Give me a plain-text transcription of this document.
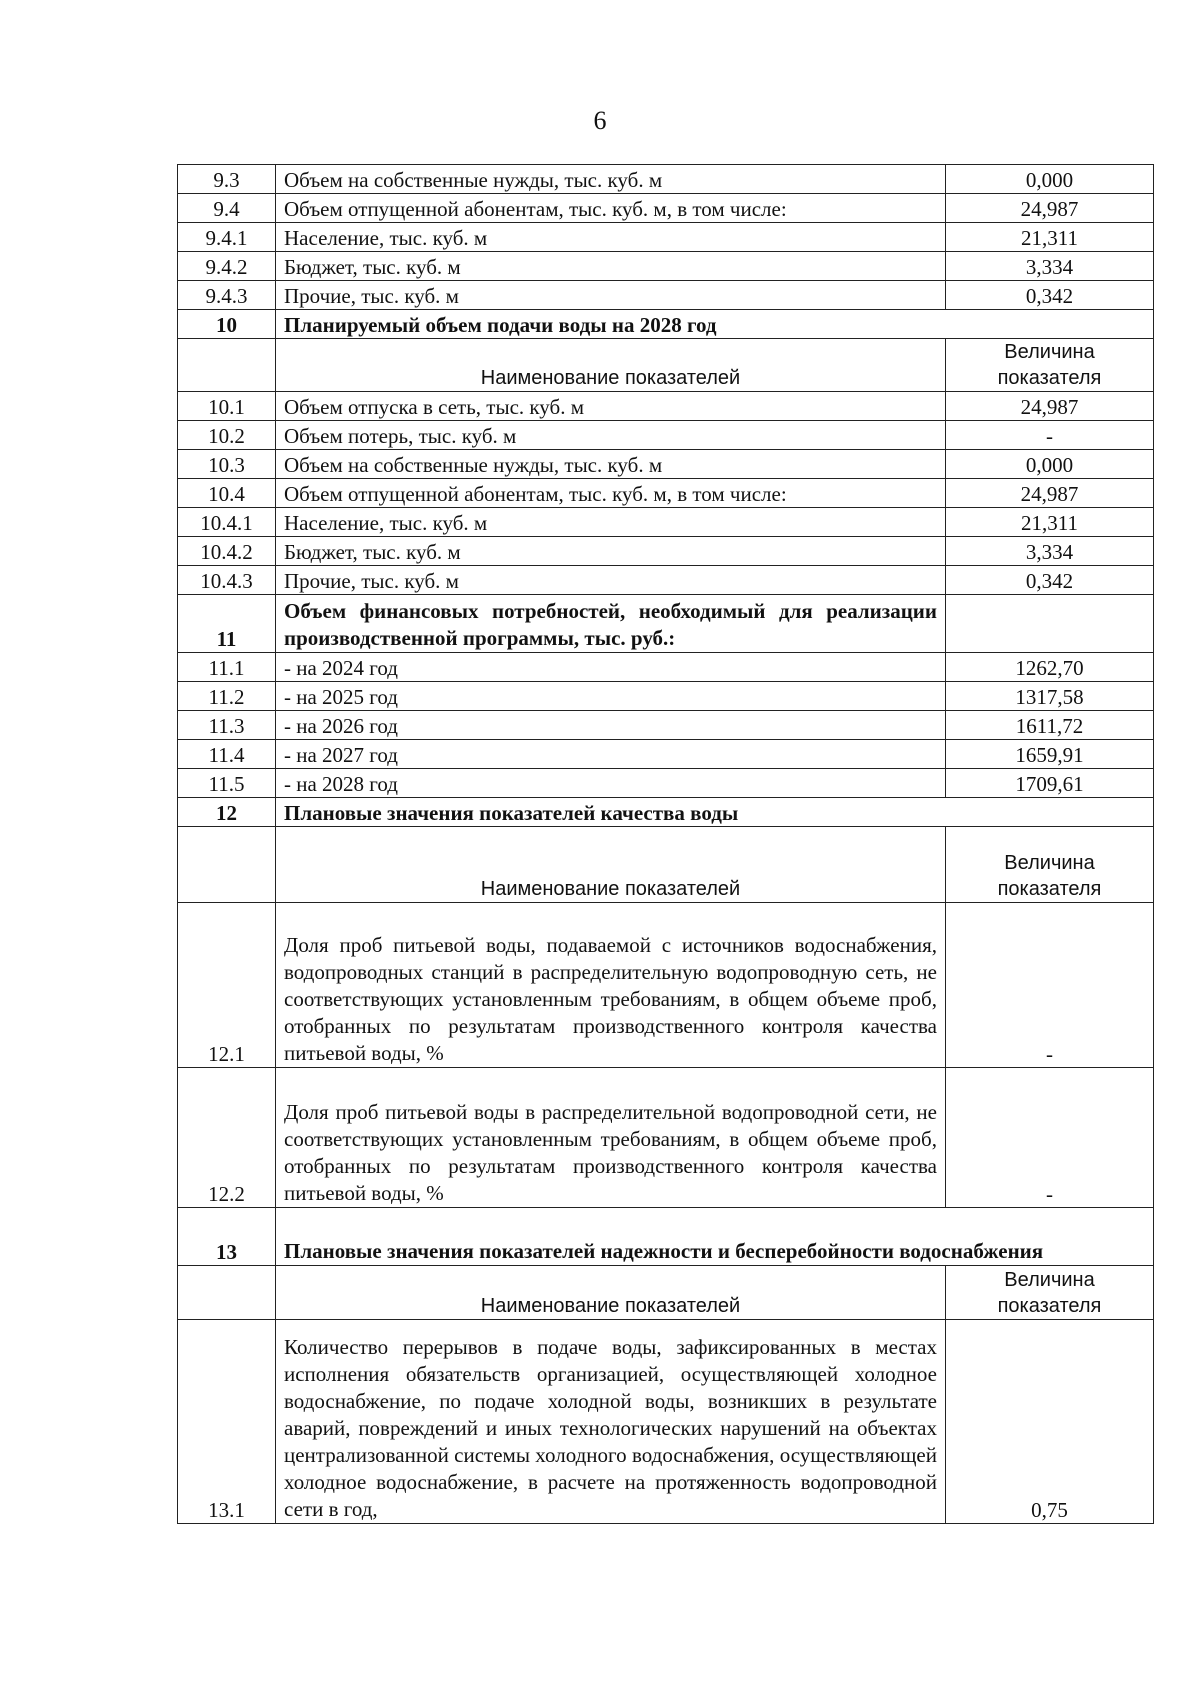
6
9.3	Объем на собственные нужды, тыс. куб. м	0,000
9.4	Объем отпущенной абонентам, тыс. куб. м, в том числе:	24,987
9.4.1	Население, тыс. куб. м	21,311
9.4.2	Бюджет, тыс. куб. м	3,334
9.4.3	Прочие, тыс. куб. м	0,342
10	Планируемый объем подачи воды на 2028 год	
	Наименование показателей	Величина показателя
10.1	Объем отпуска в сеть, тыс. куб. м	24,987
10.2	Объем потерь, тыс. куб. м	-
10.3	Объем на собственные нужды, тыс. куб. м	0,000
10.4	Объем отпущенной абонентам, тыс. куб. м, в том числе:	24,987
10.4.1	Население, тыс. куб. м	21,311
10.4.2	Бюджет, тыс. куб. м	3,334
10.4.3	Прочие, тыс. куб. м	0,342
11	Объем финансовых потребностей, необходимый для реализации производственной программы, тыс. руб.:	
11.1	- на 2024 год	1262,70
11.2	- на 2025 год	1317,58
11.3	- на 2026 год	1611,72
11.4	- на 2027 год	1659,91
11.5	- на 2028 год	1709,61
12	Плановые значения показателей качества воды	
	Наименование показателей	Величина показателя
12.1	Доля проб питьевой воды, подаваемой с источников водоснабжения, водопроводных станций в распределительную водопроводную сеть, не соответствующих установленным требованиям, в общем объеме проб, отобранных по результатам производственного контроля качества питьевой воды, %	-
12.2	Доля проб питьевой воды в распределительной водопроводной сети, не соответствующих установленным требованиям, в общем объеме проб, отобранных по результатам производственного контроля качества питьевой воды, %	-
13	Плановые значения показателей надежности и бесперебойности водоснабжения	
	Наименование показателей	Величина показателя
13.1	Количество перерывов в подаче воды, зафиксированных в местах исполнения обязательств организацией, осуществляющей холодное водоснабжение, по подаче холодной воды, возникших в результате аварий, повреждений и иных технологических нарушений на объектах централизованной системы холодного водоснабжения, осуществляющей холодное водоснабжение, в расчете на протяженность водопроводной сети в год,	0,75
